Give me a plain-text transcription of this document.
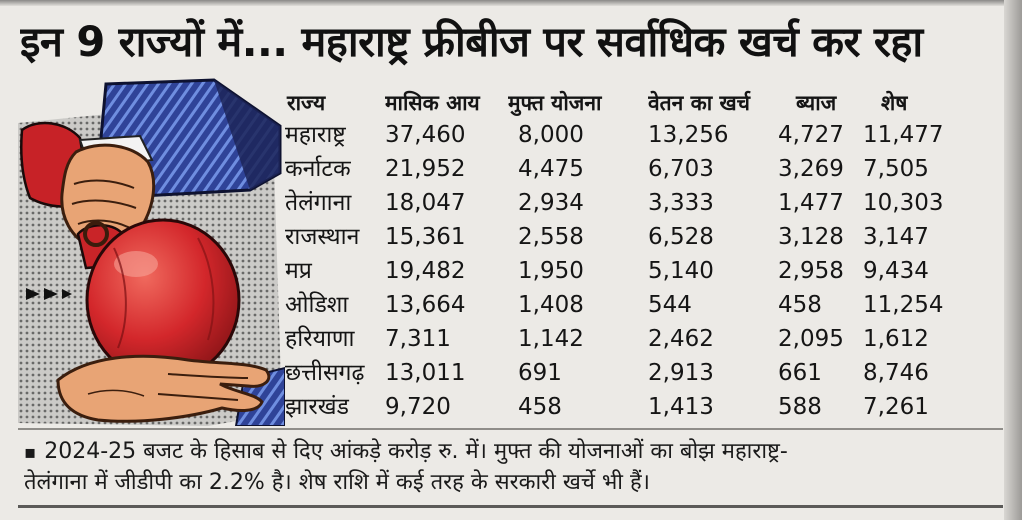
इन 9 राज्यों में... महाराष्ट्र फ्रीबीज पर सर्वाधिक खर्च कर रहा
राज्य	मासिक आय	मुफ्त योजना	वेतन का खर्च	ब्याज	शेष
महाराष्ट्र	37,460	8,000	13,256	4,727 11,477
कर्नाटक	21,952	4,475	6,703	3,269 7,505
तेलंगाना	18,047	2,934	3,333	1,477 10,303
राजस्थान	15,361	2,558	6,528	3,128 3,147
मप्र	19,482	1,950	5,140	2,958 9,434
ओडिशा	13,664	1,408	544	458	11,254
हरियाणा	7,311	1,142	2,462	2,095 1,612
छत्तीसगढ़ 13,011	691	2,913	661	8,746
झारखंड	9,720	458	1,413	588	7,261
▪ 2024-25 बजट के हिसाब से दिए आंकड़े करोड़ रु. में। मुफ्त की योजनाओं का बोझ महाराष्ट्र-
तेलंगाना में जीडीपी का 2.2% है। शेष राशि में कई तरह के सरकारी खर्चे भी हैं।
